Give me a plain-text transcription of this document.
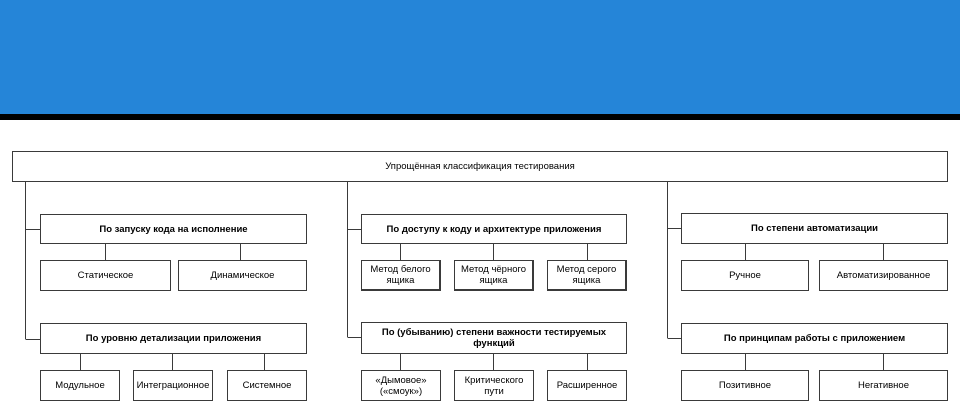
Упрощённая классификация тестирования
По запуску кода на исполнение
Статическое	Динамическое
По уровню детализации приложения
Модульное	Интеграционное	Системное
По доступу к коду и архитектуре приложения
Метод белого ящика
Метод чёрного ящика
Метод серого ящика
По (убыванию) степени важности тестируемых функций
«Дымовое» («смоук»)
Критического пути	Расширенное
По степени автоматизации
Ручное	Автоматизированное
По принципам работы с приложением
Позитивное	Негативное
